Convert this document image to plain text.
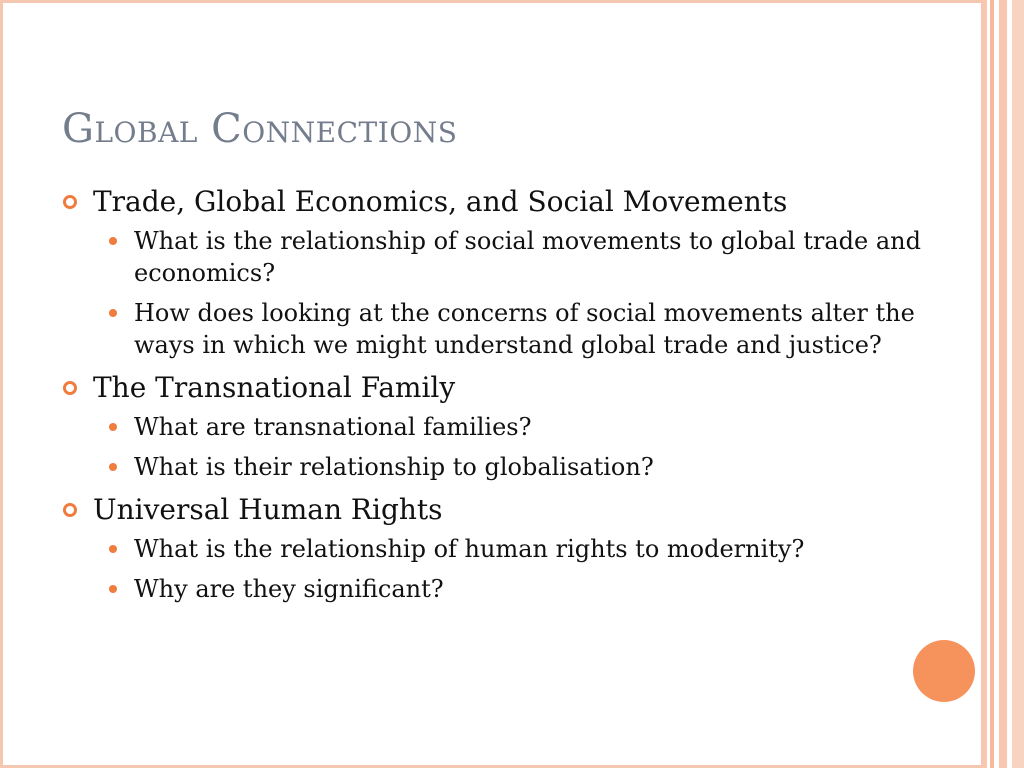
Global Connections
Trade, Global Economics, and Social Movements
What is the relationship of social movements to global trade and economics?
How does looking at the concerns of social movements alter the ways in which we might understand global trade and justice?
The Transnational Family
What are transnational families?
What is their relationship to globalisation?
Universal Human Rights
What is the relationship of human rights to modernity?
Why are they significant?
